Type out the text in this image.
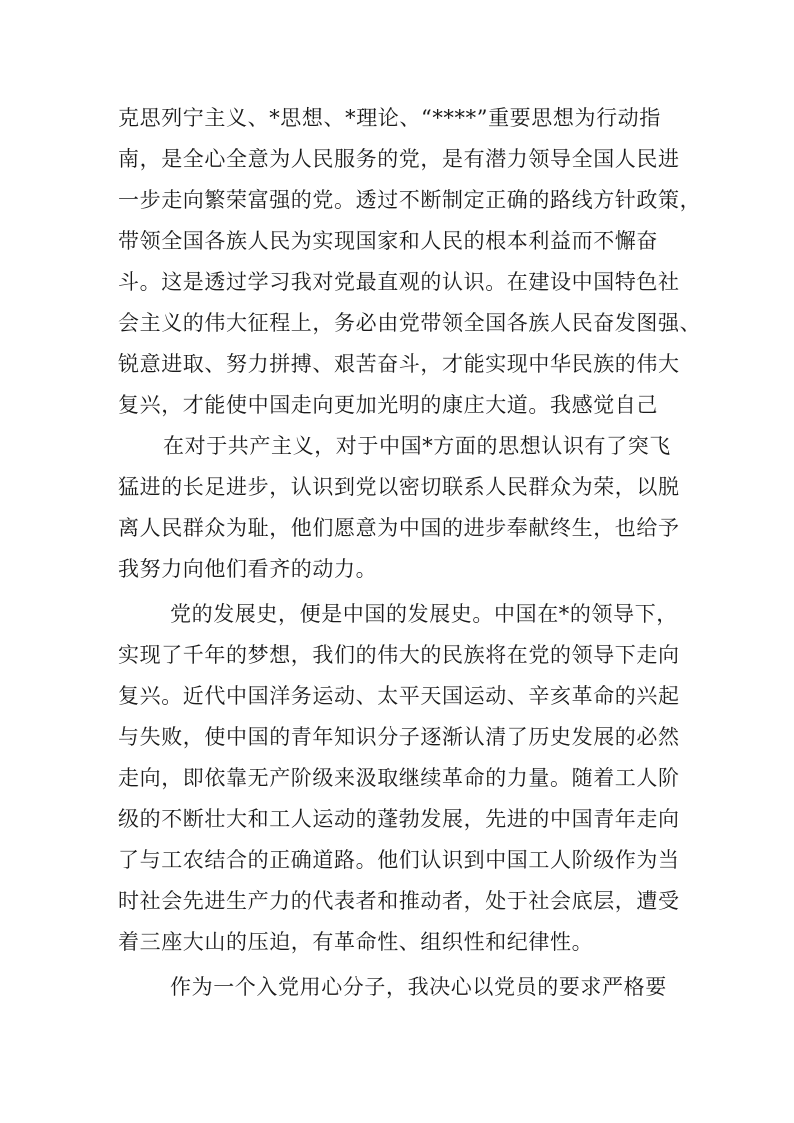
克思列宁主义、*思想、*理论、“****”重要思想为行动指
南，是全心全意为人民服务的党，是有潜力领导全国人民进
一步走向繁荣富强的党。透过不断制定正确的路线方针政策，
带领全国各族人民为实现国家和人民的根本利益而不懈奋
斗。这是透过学习我对党最直观的认识。在建设中国特色社
会主义的伟大征程上，务必由党带领全国各族人民奋发图强、
锐意进取、努力拼搏、艰苦奋斗，才能实现中华民族的伟大
复兴，才能使中国走向更加光明的康庄大道。我感觉自己
在对于共产主义，对于中国*方面的思想认识有了突飞
猛进的长足进步，认识到党以密切联系人民群众为荣，以脱
离人民群众为耻，他们愿意为中国的进步奉献终生，也给予
我努力向他们看齐的动力。
党的发展史，便是中国的发展史。中国在*的领导下，
实现了千年的梦想，我们的伟大的民族将在党的领导下走向
复兴。近代中国洋务运动、太平天国运动、辛亥革命的兴起
与失败，使中国的青年知识分子逐渐认清了历史发展的必然
走向，即依靠无产阶级来汲取继续革命的力量。随着工人阶
级的不断壮大和工人运动的蓬勃发展，先进的中国青年走向
了与工农结合的正确道路。他们认识到中国工人阶级作为当
时社会先进生产力的代表者和推动者，处于社会底层，遭受
着三座大山的压迫，有革命性、组织性和纪律性。
作为一个入党用心分子，我决心以党员的要求严格要
